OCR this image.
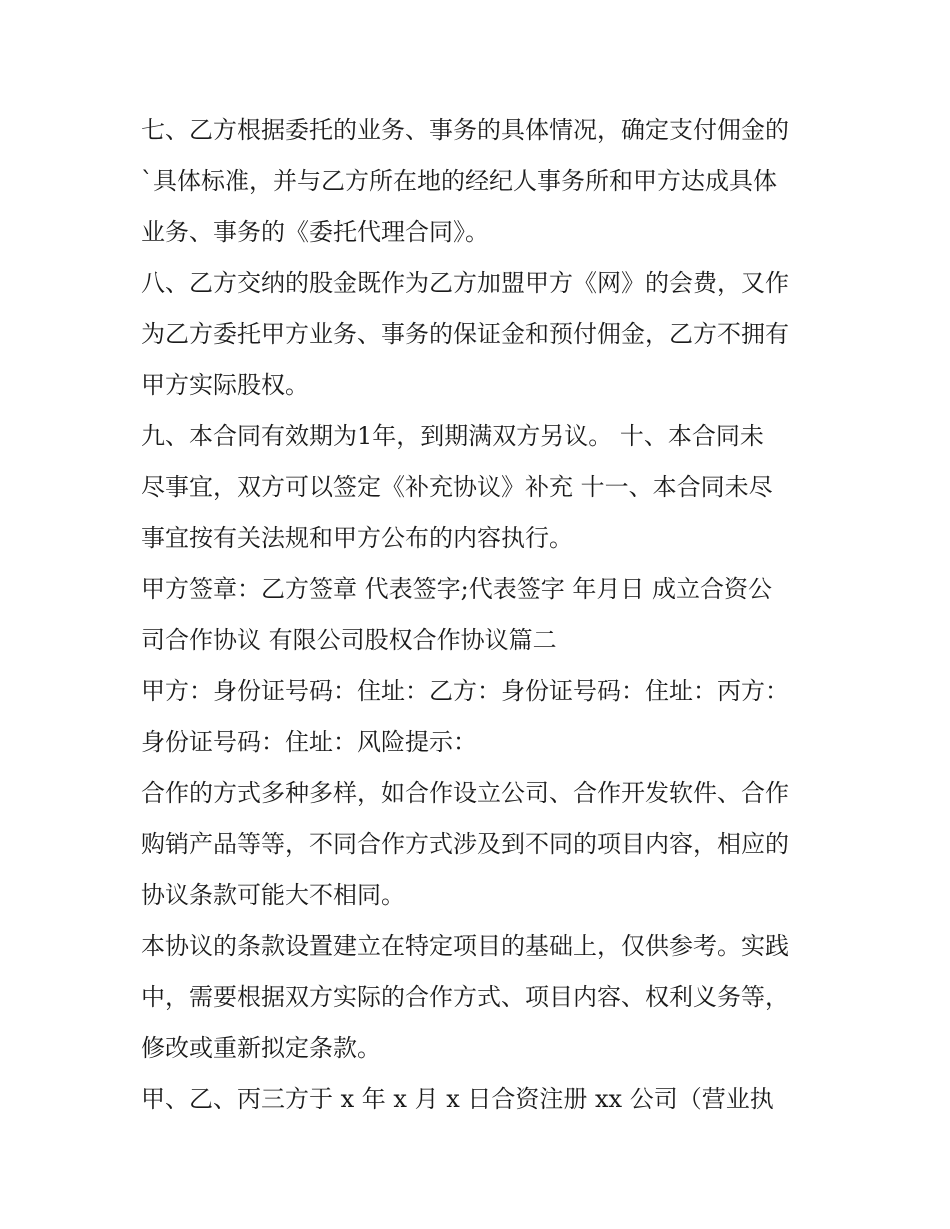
七、乙方根据委托的业务、事务的具体情况，确定支付佣金的
`具体标准，并与乙方所在地的经纪人事务所和甲方达成具体
业务、事务的《委托代理合同》。
八、乙方交纳的股金既作为乙方加盟甲方《网》的会费，又作
为乙方委托甲方业务、事务的保证金和预付佣金，乙方不拥有
甲方实际股权。
九、本合同有效期为1年，到期满双方另议。 十、本合同未
尽事宜，双方可以签定《补充协议》补充 十一、本合同未尽
事宜按有关法规和甲方公布的内容执行。
甲方签章：乙方签章 代表签字;代表签字 年月日 成立合资公
司合作协议 有限公司股权合作协议篇二
甲方：身份证号码：住址：乙方：身份证号码：住址：丙方：
身份证号码：住址：风险提示：
合作的方式多种多样，如合作设立公司、合作开发软件、合作
购销产品等等，不同合作方式涉及到不同的项目内容，相应的
协议条款可能大不相同。
本协议的条款设置建立在特定项目的基础上，仅供参考。实践
中，需要根据双方实际的合作方式、项目内容、权利义务等，
修改或重新拟定条款。
甲、乙、丙三方于 x 年 x 月 x 日合资注册 xx 公司（营业执
